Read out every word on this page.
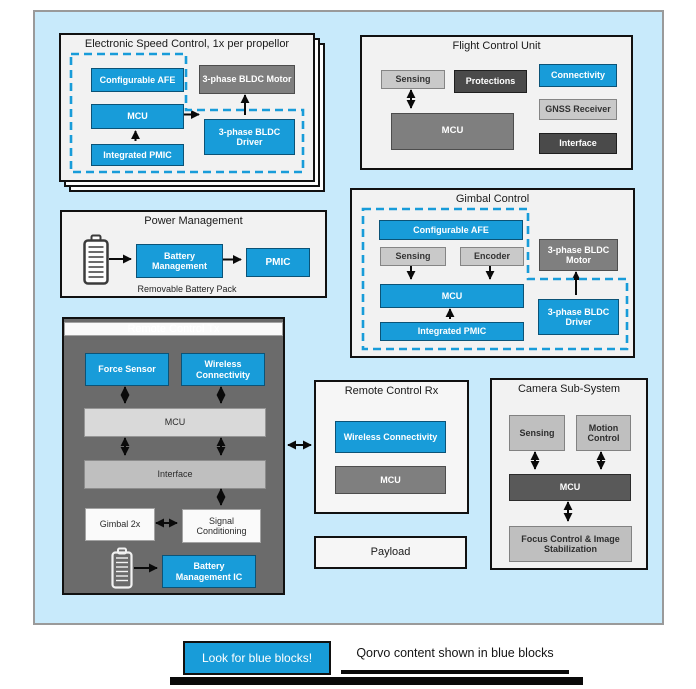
Electronic Speed Control, 1x per propellor
Configurable AFE
MCU
Integrated PMIC
3-phase BLDC Motor
3-phase BLDC Driver
Flight Control Unit
Sensing	Protections
Connectivity
MCU
GNSS Receiver
Interface
Power Management
Battery Management	PMIC
Removable Battery Pack
Gimbal Control
Configurable AFE
Sensing	Encoder
MCU
Integrated PMIC
3-phase BLDC Motor
3-phase BLDC Driver
Remote Control Tx
Force Sensor
Wireless Connectivity
MCU
Interface
Gimbal 2x	Signal Conditioning
Battery Management IC
Remote Control Rx
Wireless Connectivity
MCU
Camera Sub-System
Sensing
Motion Control
MCU
Focus Control & Image Stabilization
Payload
Look for blue blocks!	Qorvo content shown in blue blocks
